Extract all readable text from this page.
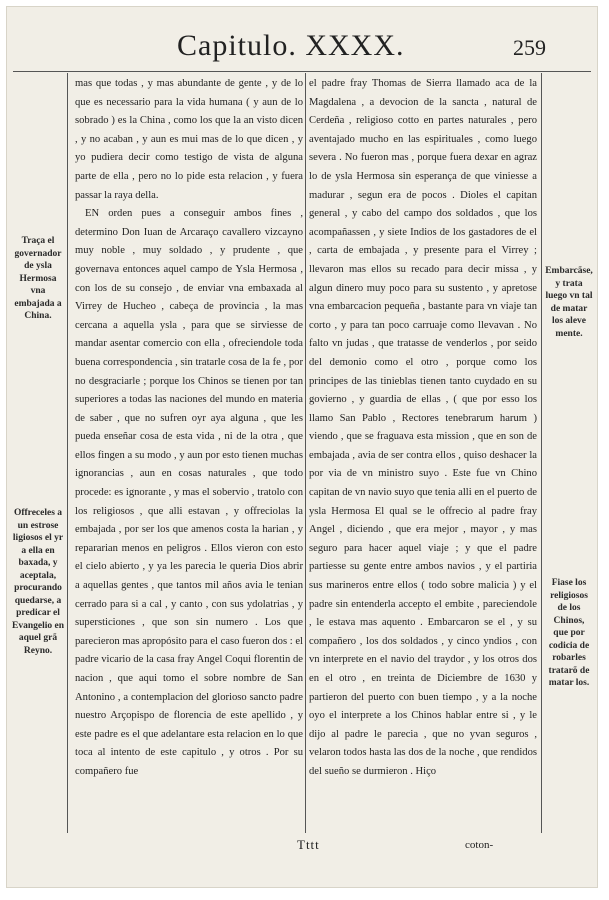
Capitulo. XXXX.	259

mas que todas , y mas abundante de gente , y de lo que es necessario para la vida humana ( y aun de lo sobrado ) es la China , como los que la an visto dicen , y no acaban , y aun es mui mas de lo que dicen , y yo pudiera decir como testigo de vista de alguna parte de ella , pero no lo pide esta relacion , y fuera passar la raya della.

EN orden pues a conseguir ambos fines , determino Don Iuan de Arcaraço cavallero vizcayno muy noble , muy soldado , y prudente , que governava entonces aquel campo de Ysla Hermosa , con los de su consejo , de enviar vna embaxada al Virrey de Hucheo , cabeça de provincia , la mas cercana a aquella ysla , para que se sirviesse de mandar asentar comercio con ella , ofreciendole toda buena correspondencia , sin tratarle cosa de la fe , por no desgraciarle ; porque los Chinos se tienen por tan superiores a todas las naciones del mundo en materia de saber , que no sufren oyr aya alguna , que les pueda enseñar cosa de esta vida , ni de la otra , que ellos fingen a su modo , y aun por esto tienen muchas ignorancias , aun en cosas naturales , que todo procede: es ignorante , y mas el sobervio , tratolo con los religiosos , que alli estavan , y offreciolas la embajada , por ser los que amenos costa la harian , y repararian menos en peligros . Ellos vieron con esto el cielo abierto , y ya les parecia le queria Dios abrir a aquellas gentes , que tantos mil años avia le tenian cerrado para si a cal , y canto , con sus ydolatrias , y supersticiones , que son sin numero . Los que parecieron mas apropósito para el caso fueron dos : el padre vicario de la casa fray Angel Coqui florentin de nacion , que aqui tomo el sobre nombre de San Antonino , a contemplacion del glorioso sancto padre nuestro Arçopispo de florencia de este apellido , y este padre es el que adelantare esta relacion en lo que toca al intento de este capitulo , y otros . Por su compañero fue

el padre fray Thomas de Sierra llamado aca de la Magdalena , a devocion de la sancta , natural de Cerdeña , religioso cotto en partes naturales , pero aventajado mucho en las espirituales , como luego severa . No fueron mas , porque fuera dexar en agraz lo de ysla Hermosa sin esperança de que viniesse a madurar , segun era de pocos . Dioles el capitan general , y cabo del campo dos soldados , que los acompañassen , y siete Indios de los gastadores de el , carta de embajada , y presente para el Virrey ; llevaron mas ellos su recado para decir missa , y algun dinero muy poco para su sustento , y apretose vna embarcacion pequeña , bastante para vn viaje tan corto , y para tan poco carruaje como llevavan . No falto vn judas , que tratasse de venderlos , por seido del demonio como el otro , porque como los principes de las tinieblas tienen tanto cuydado en su govierno , y guardia de ellas , ( que por esso los llamo San Pablo , Rectores tenebrarum harum ) viendo , que se fraguava esta mission , que en son de embajada , avia de ser contra ellos , quiso deshacer la por via de vn ministro suyo . Este fue vn Chino capitan de vn navio suyo que tenia alli en el puerto de ysla Hermosa El qual se le offrecio al padre fray Angel , diciendo , que era mejor , mayor , y mas seguro para hacer aquel viaje ; y que el padre partiesse su gente entre ambos navios , y el partiria sus marineros entre ellos ( todo sobre malicia ) y el padre sin entenderla accepto el embite , pareciendole , le estava mas aquento . Embarcaron se el , y su compañero , los dos soldados , y cinco yndios , con vn interprete en el navio del traydor , y los otros dos en el otro , en treinta de Diciembre de 1630 y partieron del puerto con buen tiempo , y a la noche oyo el interprete a los Chinos hablar entre si , y le dijo al padre le parecia , que no yvan seguros , velaron todos hasta las dos de la noche , que rendidos del sueño se durmieron . Hiço

Traça el governador de ysla Hermosa vna embajada a China.
Offreceles a un estrose ligiosos el yr a ella en baxada, y aceptala, procurando quedarse, a predicar el Evangelio en aquel grã Reyno.
Embarcãse, y trata luego vn tal de matar los aleve mente.
Fiase los religiosos de los Chinos, que por codicia de robarles tratarõ de matar los.
Tttt	coton-
